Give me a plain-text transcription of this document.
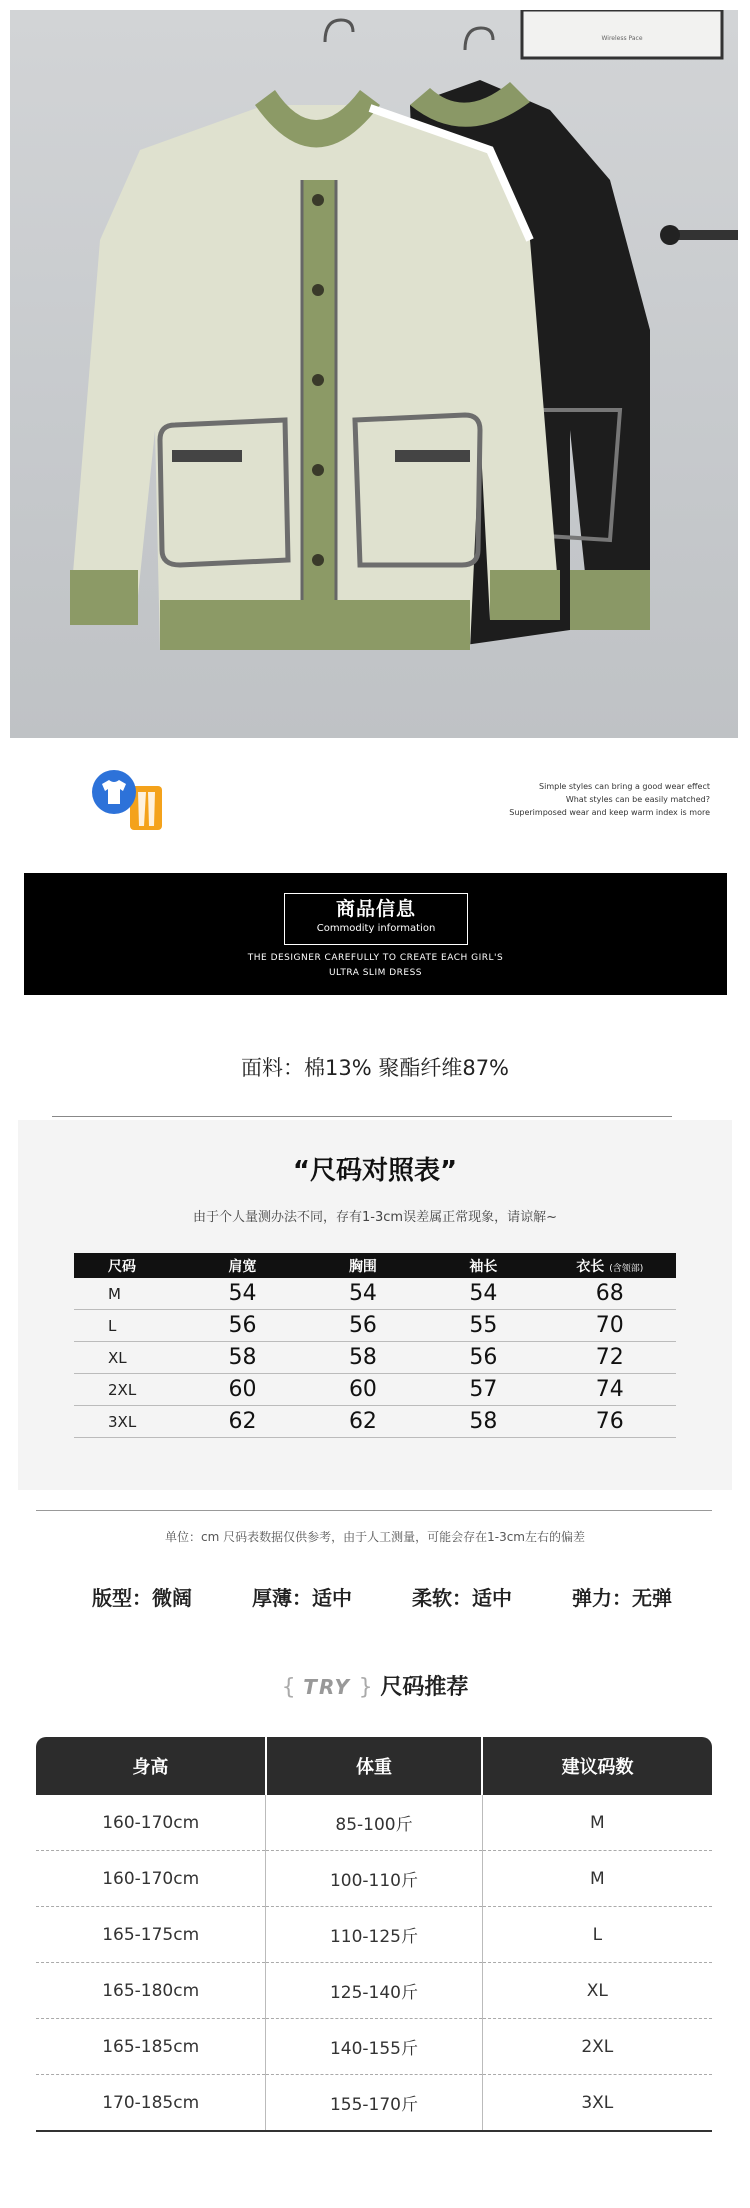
Wireless Pace
Simple styles can bring a good wear effect
What styles can be easily matched?
Superimposed wear and keep warm index is more
商品信息
Commodity information
THE DESIGNER CAREFULLY TO CREATE EACH GIRL'S
ULTRA SLIM DRESS
面料：棉13% 聚酯纤维87%
“尺码对照表”
由于个人量测办法不同，存有1-3cm误差属正常现象，请谅解~
尺码	肩宽	胸围	袖长	衣长 (含领部)
M	54	54	54	68
L	56	56	55	70
XL	58	58	56	72
2XL	60	60	57	74
3XL	62	62	58	76
单位：cm 尺码表数据仅供参考，由于人工测量，可能会存在1-3cm左右的偏差
版型：微阔	厚薄：适中	柔软：适中	弹力：无弹
{ TRY } 尺码推荐
身高	体重	建议码数
160-170cm	85-100斤	M
160-170cm	100-110斤	M
165-175cm	110-125斤	L
165-180cm	125-140斤	XL
165-185cm	140-155斤	2XL
170-185cm	155-170斤	3XL
